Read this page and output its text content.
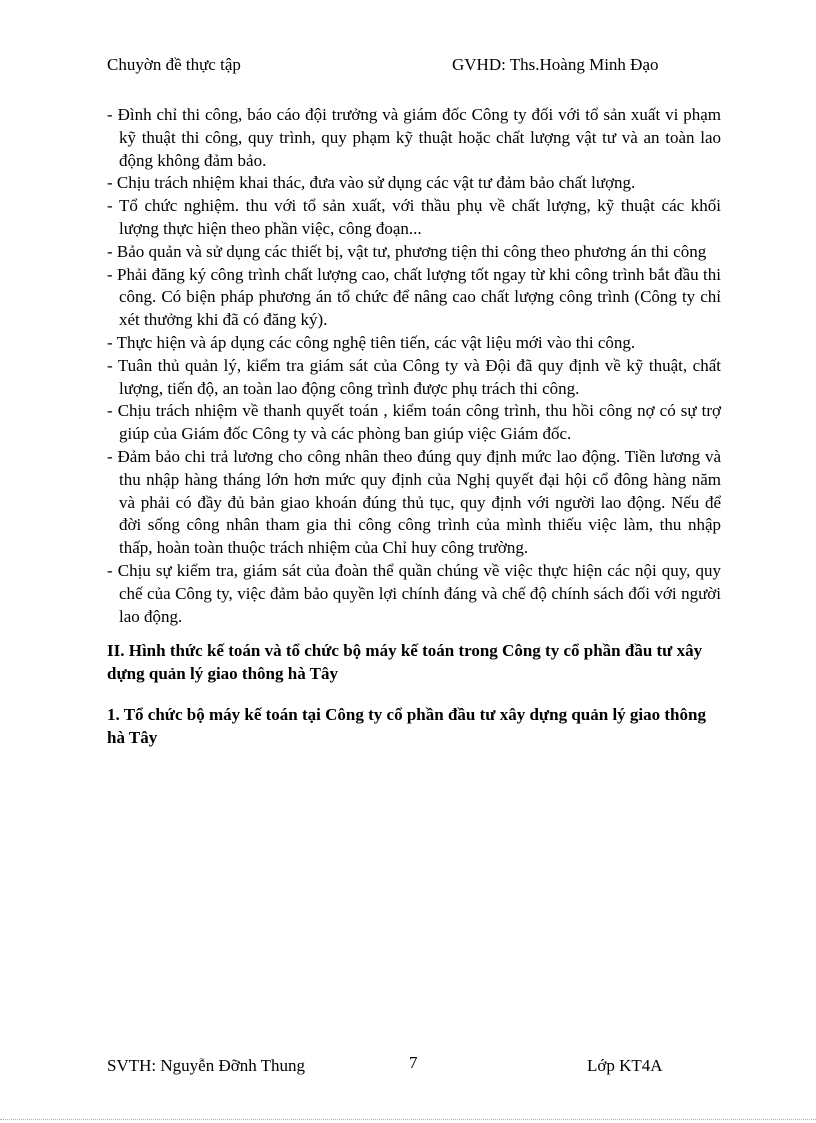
Chuyờn đề thực tập	GVHD: Ths.Hoàng Minh Đạo

- Đình chỉ thi công, báo cáo đội trưởng và giám đốc Công ty đối với tổ sản xuất vi phạm kỹ thuật thi công, quy trình, quy phạm kỹ thuật hoặc chất lượng vật tư và an toàn lao động không đảm bảo.

- Chịu trách nhiệm khai thác, đưa vào sử dụng các vật tư đảm bảo chất lượng.

- Tổ chức nghiệm. thu với tổ sản xuất, với thầu phụ về chất lượng, kỹ thuật các khối lượng thực hiện theo phần việc, công đoạn...

- Bảo quản và sử dụng các thiết bị, vật tư, phương tiện thi công theo phương án thi công

- Phải đăng ký công trình chất lượng cao, chất lượng tốt ngay từ khi công trình bắt đầu thi công. Có biện pháp phương án tổ chức để nâng cao chất lượng công trình (Công ty chỉ xét thưởng khi đã có đăng ký).

- Thực hiện và áp dụng các công nghệ tiên tiến, các vật liệu mới vào thi công.

- Tuân thủ quản lý, kiểm tra giám sát của Công ty và Đội đã quy định về kỹ thuật, chất lượng, tiến độ, an toàn lao động công trình được phụ trách thi công.

- Chịu trách nhiệm về thanh quyết toán , kiểm toán công trình, thu hồi công nợ có sự trợ giúp của Giám đốc Công ty và các phòng ban giúp việc Giám đốc.

- Đảm bảo chi trả lương cho công nhân theo đúng quy định mức lao động. Tiền lương và thu nhập hàng tháng lớn hơn mức quy định của Nghị quyết đại hội cổ đông hàng năm và phải có đầy đủ bản giao khoán đúng thủ tục, quy định với người lao động. Nếu để đời sống công nhân tham gia thi công công trình của mình thiếu việc làm, thu nhập thấp, hoàn toàn thuộc trách nhiệm của Chỉ huy công trường.

- Chịu sự kiểm tra, giám sát của đoàn thể quần chúng về việc thực hiện các nội quy, quy chế của Công ty, việc đảm bảo quyền lợi chính đáng và chế độ chính sách đối với người lao động.

II. Hình thức kế toán và tổ chức bộ máy kế toán trong Công ty cổ phần đầu tư xây dựng quản lý giao thông hà Tây

1. Tổ chức bộ máy kế toán tại Công ty cổ phần đầu tư xây dựng quản lý giao thông hà Tây

SVTH: Nguyễn Đỡnh Thung	7	Lớp KT4A
